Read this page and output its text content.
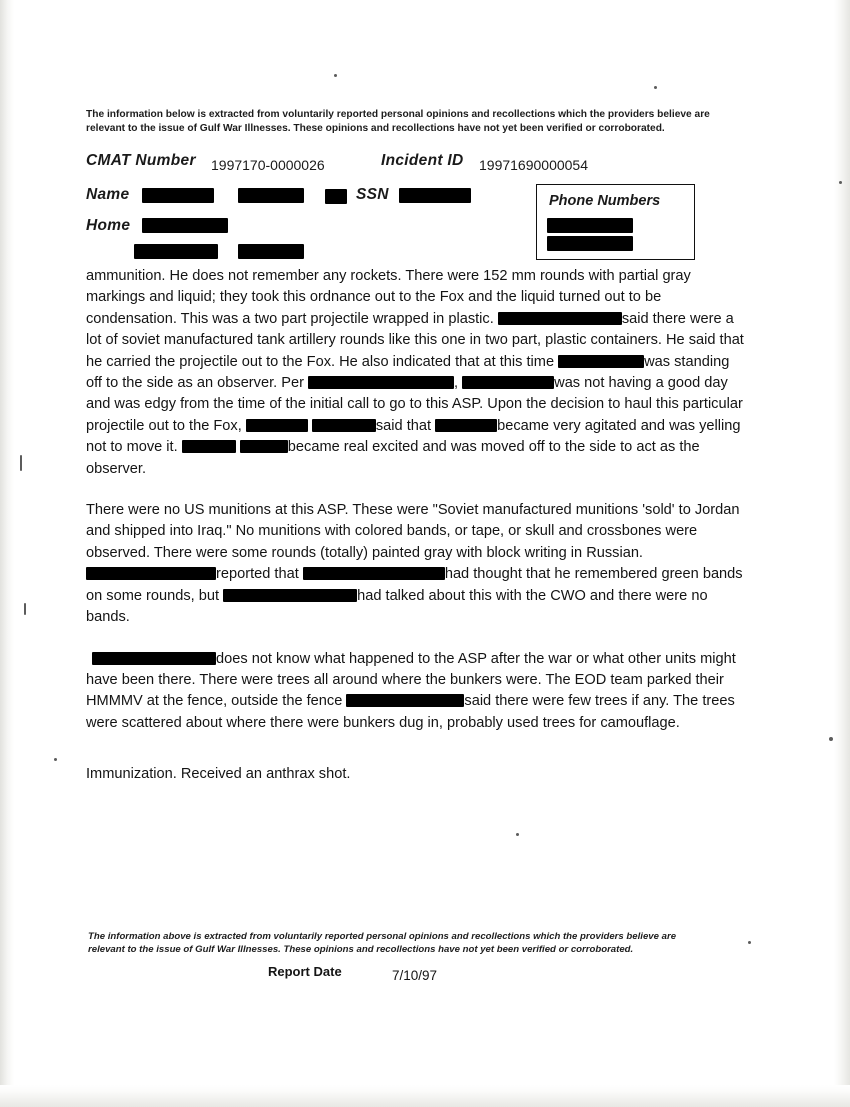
The information below is extracted from voluntarily reported personal opinions and recollections which the providers believe are relevant to the issue of Gulf War Illnesses. These opinions and recollections have not yet been verified or corroborated.
CMAT Number 1997170-0000026	Incident ID 19971690000054
Name	SSN
Home
Phone Numbers

ammunition. He does not remember any rockets. There were 152 mm rounds with partial gray markings and liquid; they took this ordnance out to the Fox and the liquid turned out to be condensation. This was a two part projectile wrapped in plastic.	said there were a lot of soviet manufactured tank artillery rounds like this one in two part, plastic containers. He said that he carried the projectile out to the Fox. He also indicated that at this time	was standing off to the side as an observer. Per	,	was not having a good day and was edgy from the time of the initial call to go to this ASP. Upon the decision to haul this particular projectile out to the Fox,	said that	became very agitated and was yelling not to move it.	became real excited and was moved off to the side to act as the observer.

There were no US munitions at this ASP. These were "Soviet manufactured munitions 'sold' to Jordan and shipped into Iraq." No munitions with colored bands, or tape, or skull and crossbones were observed. There were some rounds (totally) painted gray with block writing in Russian. reported that	had thought that he remembered green bands on some rounds, but	had talked about this with the CWO and there were no bands.

does not know what happened to the ASP after the war or what other units might have been there. There were trees all around where the bunkers were. The EOD team parked their HMMMV at the fence, outside the fence	said there were few trees if any. The trees were scattered about where there were bunkers dug in, probably used trees for camouflage.

Immunization. Received an anthrax shot.

The information above is extracted from voluntarily reported personal opinions and recollections which the providers believe are relevant to the issue of Gulf War Illnesses. These opinions and recollections have not yet been verified or corroborated.
Report Date	7/10/97
